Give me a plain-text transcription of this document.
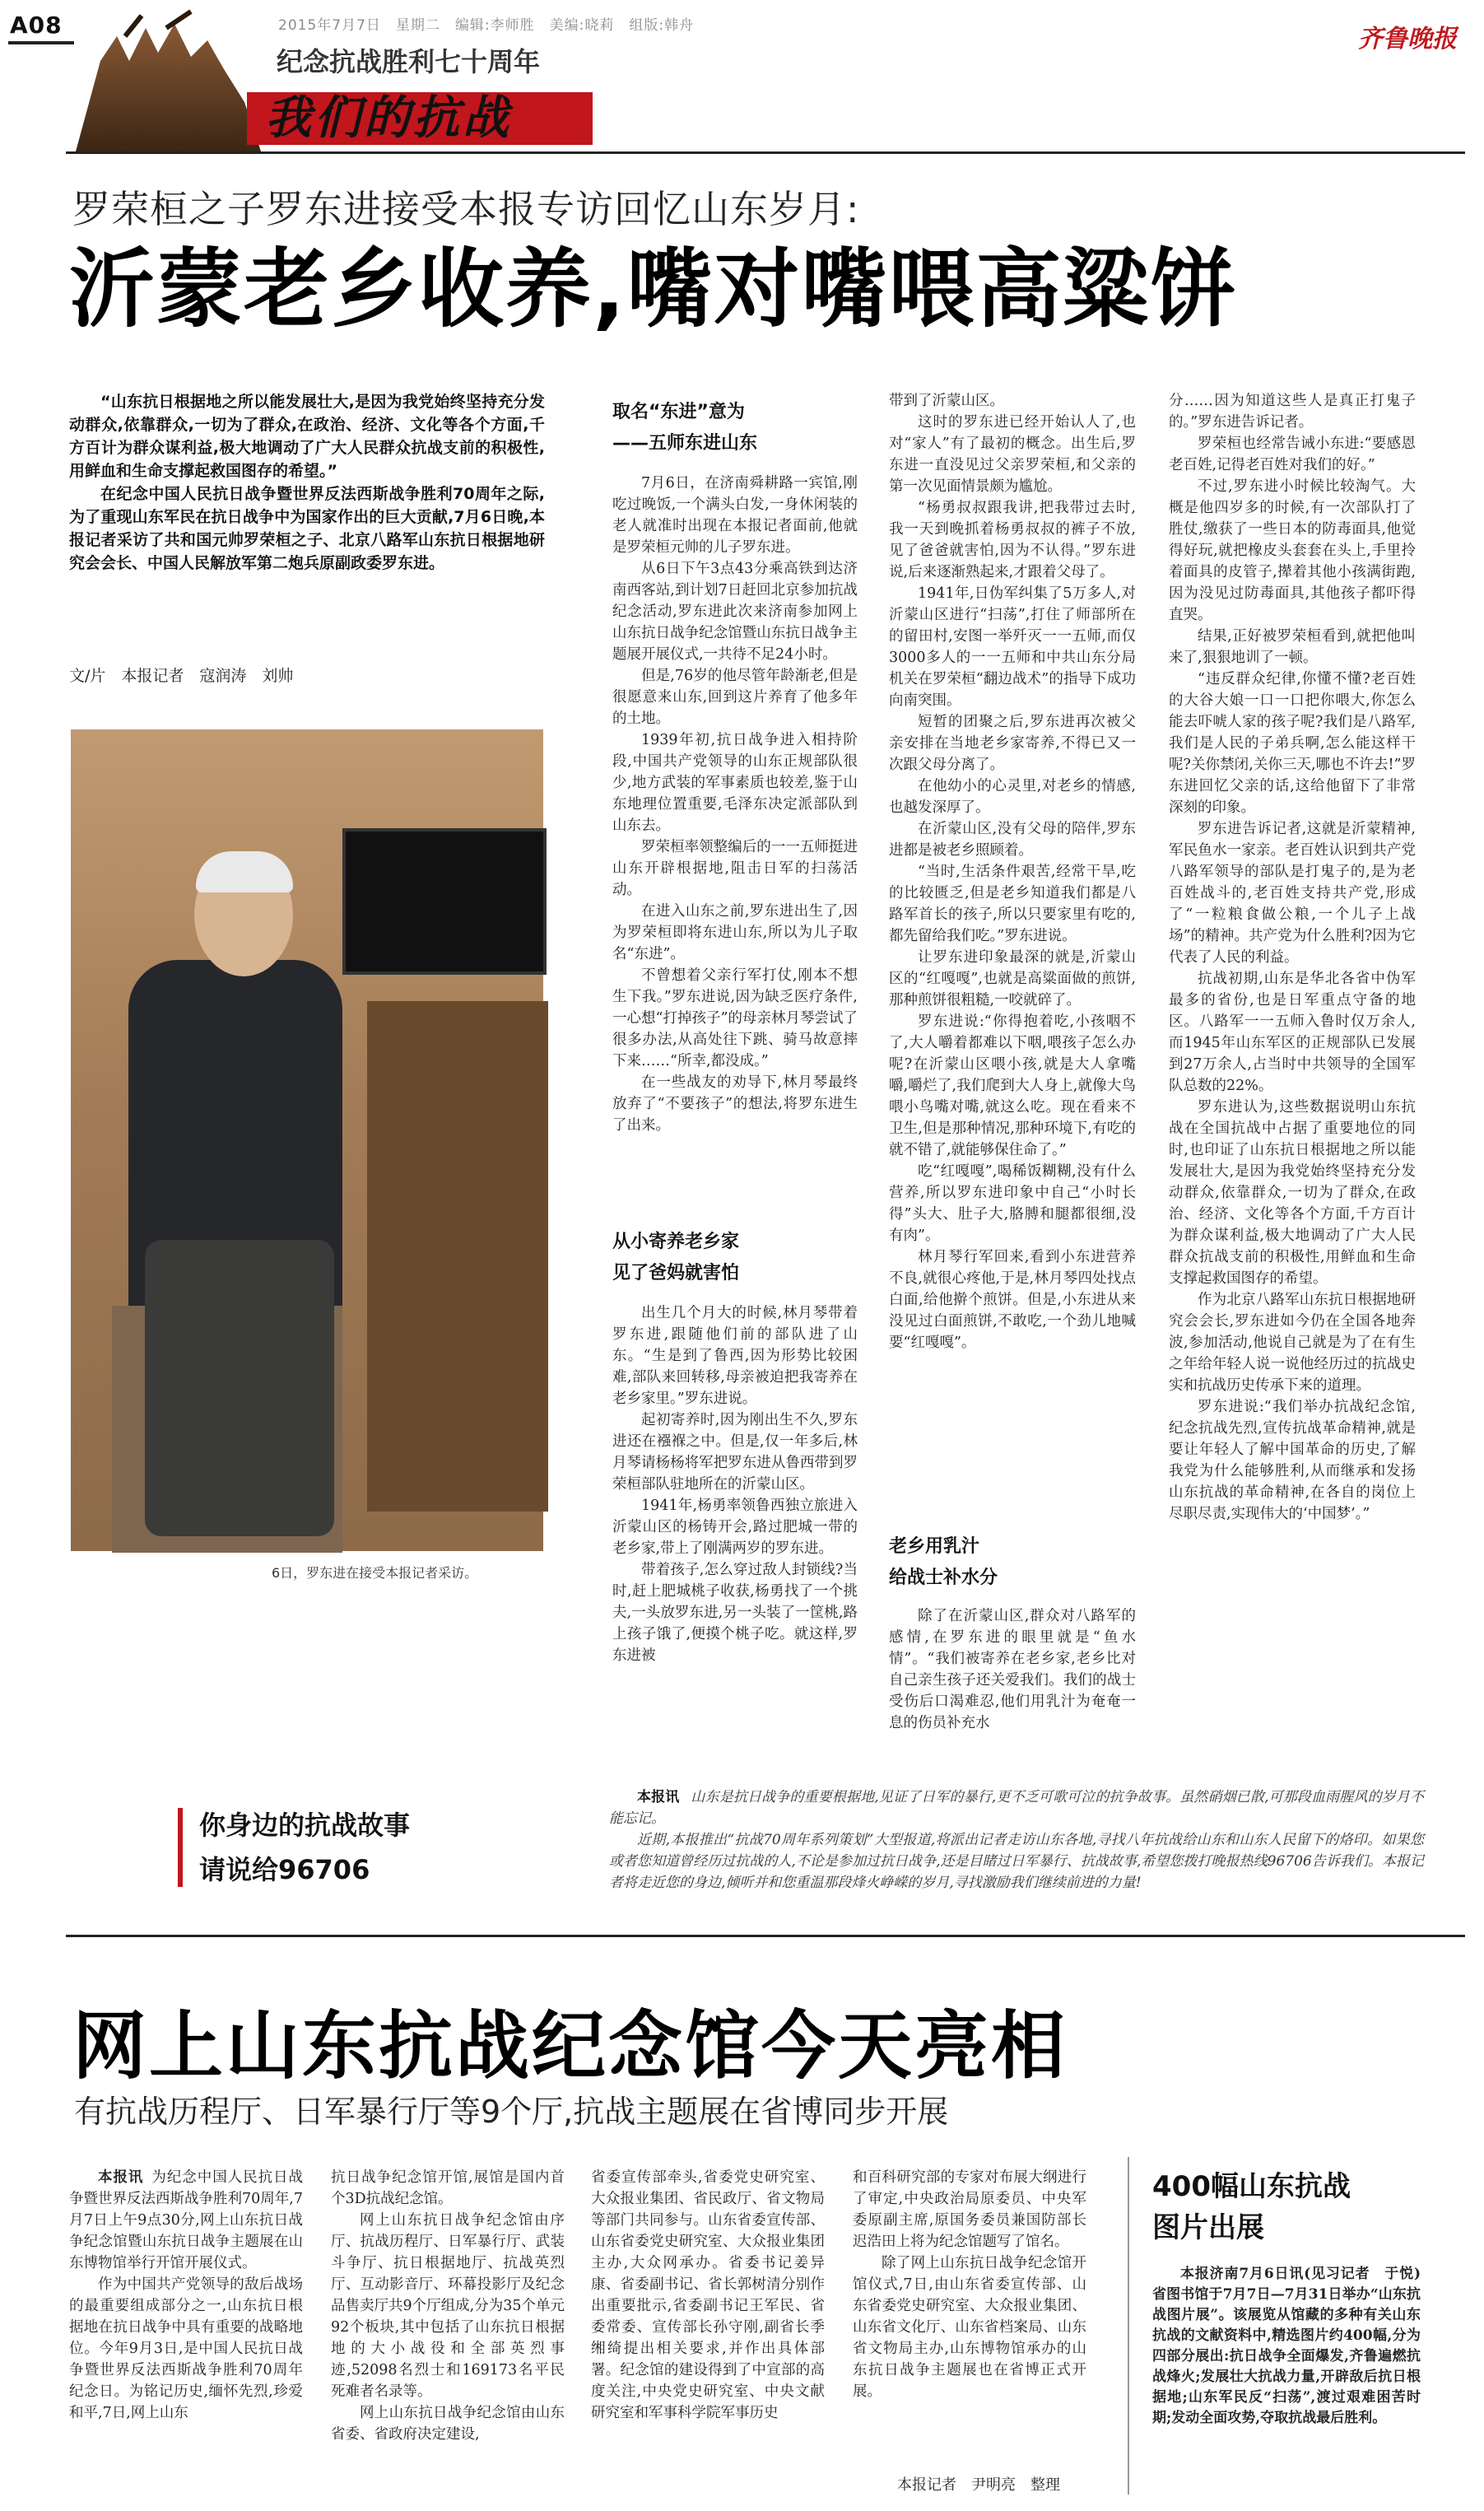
A08	2015年7月7日　星期二　编辑:李师胜　美编:晓莉　组版:韩舟
纪念抗战胜利七十周年
我们的抗战
齐鲁晚报
罗荣桓之子罗东进接受本报专访回忆山东岁月:
沂蒙老乡收养,嘴对嘴喂高粱饼

“山东抗日根据地之所以能发展壮大,是因为我党始终坚持充分发动群众,依靠群众,一切为了群众,在政治、经济、文化等各个方面,千方百计为群众谋利益,极大地调动了广大人民群众抗战支前的积极性,用鲜血和生命支撑起救国图存的希望。”

在纪念中国人民抗日战争暨世界反法西斯战争胜利70周年之际,为了重现山东军民在抗日战争中为国家作出的巨大贡献,7月6日晚,本报记者采访了共和国元帅罗荣桓之子、北京八路军山东抗日根据地研究会会长、中国人民解放军第二炮兵原副政委罗东进。

文/片　本报记者　寇润涛　刘帅
6日，罗东进在接受本报记者采访。
取名“东进”意为
——五师东进山东

7月6日，在济南舜耕路一宾馆,刚吃过晚饭,一个满头白发,一身休闲装的老人就准时出现在本报记者面前,他就是罗荣桓元帅的儿子罗东进。

从6日下午3点43分乘高铁到达济南西客站,到计划7日赶回北京参加抗战纪念活动,罗东进此次来济南参加网上山东抗日战争纪念馆暨山东抗日战争主题展开展仪式,一共待不足24小时。

但是,76岁的他尽管年龄渐老,但是很愿意来山东,回到这片养育了他多年的土地。

1939年初,抗日战争进入相持阶段,中国共产党领导的山东正规部队很少,地方武装的军事素质也较差,鉴于山东地理位置重要,毛泽东决定派部队到山东去。

罗荣桓率领整编后的一一五师挺进山东开辟根据地,阻击日军的扫荡活动。

在进入山东之前,罗东进出生了,因为罗荣桓即将东进山东,所以为儿子取名“东进”。

不曾想着父亲行军打仗,刚本不想生下我。”罗东进说,因为缺乏医疗条件,一心想“打掉孩子”的母亲林月琴尝试了很多办法,从高处往下跳、骑马故意摔下来……“所幸,都没成。”

在一些战友的劝导下,林月琴最终放弃了“不要孩子”的想法,将罗东进生了出来。

从小寄养老乡家
见了爸妈就害怕

出生几个月大的时候,林月琴带着罗东进,跟随他们前的部队进了山东。“生是到了鲁西,因为形势比较困难,部队来回转移,母亲被迫把我寄养在老乡家里。”罗东进说。

起初寄养时,因为刚出生不久,罗东进还在襁褓之中。但是,仅一年多后,林月琴请杨杨将军把罗东进从鲁西带到罗荣桓部队驻地所在的沂蒙山区。

1941年,杨勇率领鲁西独立旅进入沂蒙山区的杨铸开会,路过肥城一带的老乡家,带上了刚满两岁的罗东进。

带着孩子,怎么穿过敌人封锁线?当时,赶上肥城桃子收获,杨勇找了一个挑夫,一头放罗东进,另一头装了一筐桃,路上孩子饿了,便摸个桃子吃。就这样,罗东进被

带到了沂蒙山区。

这时的罗东进已经开始认人了,也对“家人”有了最初的概念。出生后,罗东进一直没见过父亲罗荣桓,和父亲的第一次见面情景颇为尴尬。

“杨勇叔叔跟我讲,把我带过去时,我一天到晚抓着杨勇叔叔的裤子不放,见了爸爸就害怕,因为不认得。”罗东进说,后来逐渐熟起来,才跟着父母了。

1941年,日伪军纠集了5万多人,对沂蒙山区进行“扫荡”,打住了师部所在的留田村,安图一举歼灭一一五师,而仅3000多人的一一五师和中共山东分局机关在罗荣桓“翻边战术”的指导下成功向南突围。

短暂的团聚之后,罗东进再次被父亲安排在当地老乡家寄养,不得已又一次跟父母分离了。

在他幼小的心灵里,对老乡的情感,也越发深厚了。

在沂蒙山区,没有父母的陪伴,罗东进都是被老乡照顾着。

“当时,生活条件艰苦,经常干旱,吃的比较匮乏,但是老乡知道我们都是八路军首长的孩子,所以只要家里有吃的,都先留给我们吃。”罗东进说。

让罗东进印象最深的就是,沂蒙山区的“红嘎嘎”,也就是高粱面做的煎饼,那种煎饼很粗糙,一咬就碎了。

罗东进说:“你得抱着吃,小孩咽不了,大人嚼着都难以下咽,喂孩子怎么办呢?在沂蒙山区喂小孩,就是大人拿嘴嚼,嚼烂了,我们爬到大人身上,就像大鸟喂小鸟嘴对嘴,就这么吃。现在看来不卫生,但是那种情况,那种环境下,有吃的就不错了,就能够保住命了。”

吃“红嘎嘎”,喝稀饭糊糊,没有什么营养,所以罗东进印象中自己“小时长得”头大、肚子大,胳膊和腿都很细,没有肉”。

林月琴行军回来,看到小东进营养不良,就很心疼他,于是,林月琴四处找点白面,给他擀个煎饼。但是,小东进从来没见过白面煎饼,不敢吃,一个劲儿地喊要“红嘎嘎”。

老乡用乳汁
给战士补水分

除了在沂蒙山区,群众对八路军的感情,在罗东进的眼里就是“鱼水情”。“我们被寄养在老乡家,老乡比对自己亲生孩子还关爱我们。我们的战士受伤后口渴难忍,他们用乳汁为奄奄一息的伤员补充水

分……因为知道这些人是真正打鬼子的。”罗东进告诉记者。

罗荣桓也经常告诫小东进:“要感恩老百姓,记得老百姓对我们的好。”

不过,罗东进小时候比较淘气。大概是他四岁多的时候,有一次部队打了胜仗,缴获了一些日本的防毒面具,他觉得好玩,就把橡皮头套套在头上,手里拎着面具的皮管子,撵着其他小孩满街跑,因为没见过防毒面具,其他孩子都吓得直哭。

结果,正好被罗荣桓看到,就把他叫来了,狠狠地训了一顿。

“违反群众纪律,你懂不懂?老百姓的大谷大娘一口一口把你喂大,你怎么能去吓唬人家的孩子呢?我们是八路军,我们是人民的子弟兵啊,怎么能这样干呢?关你禁闭,关你三天,哪也不许去!”罗东进回忆父亲的话,这给他留下了非常深刻的印象。

罗东进告诉记者,这就是沂蒙精神,军民鱼水一家亲。老百姓认识到共产党八路军领导的部队是打鬼子的,是为老百姓战斗的,老百姓支持共产党,形成了“一粒粮食做公粮,一个儿子上战场”的精神。共产党为什么胜利?因为它代表了人民的利益。

抗战初期,山东是华北各省中伪军最多的省份,也是日军重点守备的地区。八路军一一五师入鲁时仅万余人,而1945年山东军区的正规部队已发展到27万余人,占当时中共领导的全国军队总数的22%。

罗东进认为,这些数据说明山东抗战在全国抗战中占据了重要地位的同时,也印证了山东抗日根据地之所以能发展壮大,是因为我党始终坚持充分发动群众,依靠群众,一切为了群众,在政治、经济、文化等各个方面,千方百计为群众谋利益,极大地调动了广大人民群众抗战支前的积极性,用鲜血和生命支撑起救国图存的希望。

作为北京八路军山东抗日根据地研究会会长,罗东进如今仍在全国各地奔波,参加活动,他说自己就是为了在有生之年给年轻人说一说他经历过的抗战史实和抗战历史传承下来的道理。

罗东进说:“我们举办抗战纪念馆,纪念抗战先烈,宣传抗战革命精神,就是要让年轻人了解中国革命的历史,了解我党为什么能够胜利,从而继承和发扬山东抗战的革命精神,在各自的岗位上尽职尽责,实现伟大的‘中国梦’。”

你身边的抗战故事
请说给96706

本报讯 山东是抗日战争的重要根据地,见证了日军的暴行,更不乏可歌可泣的抗争故事。虽然硝烟已散,可那段血雨腥风的岁月不能忘记。

近期,本报推出“抗战70周年系列策划”大型报道,将派出记者走访山东各地,寻找八年抗战给山东和山东人民留下的烙印。如果您或者您知道曾经历过抗战的人,不论是参加过抗日战争,还是目睹过日军暴行、抗战故事,希望您拨打晚报热线96706告诉我们。本报记者将走近您的身边,倾听并和您重温那段烽火峥嵘的岁月,寻找激励我们继续前进的力量!

网上山东抗战纪念馆今天亮相
有抗战历程厅、日军暴行厅等9个厅,抗战主题展在省博同步开展

本报讯 为纪念中国人民抗日战争暨世界反法西斯战争胜利70周年,7月7日上午9点30分,网上山东抗日战争纪念馆暨山东抗日战争主题展在山东博物馆举行开馆开展仪式。

作为中国共产党领导的敌后战场的最重要组成部分之一,山东抗日根据地在抗日战争中具有重要的战略地位。今年9月3日,是中国人民抗日战争暨世界反法西斯战争胜利70周年纪念日。为铭记历史,缅怀先烈,珍爱和平,7日,网上山东

抗日战争纪念馆开馆,展馆是国内首个3D抗战纪念馆。

网上山东抗日战争纪念馆由序厅、抗战历程厅、日军暴行厅、武装斗争厅、抗日根据地厅、抗战英烈厅、互动影音厅、环幕投影厅及纪念品售卖厅共9个厅组成,分为35个单元92个板块,其中包括了山东抗日根据地的大小战役和全部英烈事迹,52098名烈士和169173名平民死难者名录等。

网上山东抗日战争纪念馆由山东省委、省政府决定建设,

省委宣传部牵头,省委党史研究室、大众报业集团、省民政厅、省文物局等部门共同参与。山东省委宣传部、山东省委党史研究室、大众报业集团主办,大众网承办。省委书记姜异康、省委副书记、省长郭树清分别作出重要批示,省委副书记王军民、省委常委、宣传部长孙守刚,副省长季缃绮提出相关要求,并作出具体部署。纪念馆的建设得到了中宣部的高度关注,中央党史研究室、中央文献研究室和军事科学院军事历史

和百科研究部的专家对布展大纲进行了审定,中央政治局原委员、中央军委原副主席,原国务委员兼国防部长迟浩田上将为纪念馆题写了馆名。

除了网上山东抗日战争纪念馆开馆仪式,7日,由山东省委宣传部、山东省委党史研究室、大众报业集团、山东省文化厅、山东省档案局、山东省文物局主办,山东博物馆承办的山东抗日战争主题展也在省博正式开展。

本报记者　尹明亮　整理
400幅山东抗战
图片出展

本报济南7月6日讯(见习记者　于悦)　省图书馆于7月7日—7月31日举办“山东抗战图片展”。该展览从馆藏的多种有关山东抗战的文献资料中,精选图片约400幅,分为四部分展出:抗日战争全面爆发,齐鲁遍燃抗战烽火;发展壮大抗战力量,开辟敌后抗日根据地;山东军民反“扫荡”,渡过艰难困苦时期;发动全面攻势,夺取抗战最后胜利。
